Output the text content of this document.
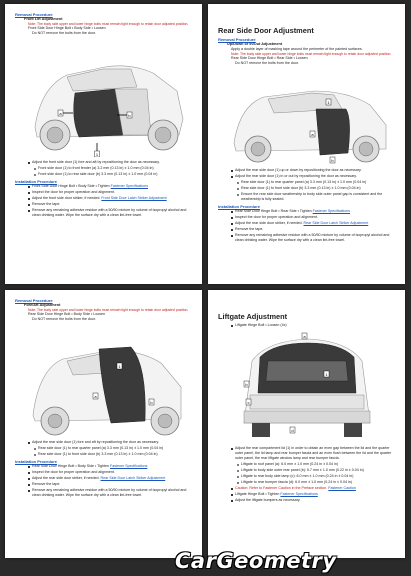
Removal Procedure
Front Lift Adjustment
Note: The body side upper and lower hinge bolts must remain tight enough to retain door adjusted position.
Front Side Door Hinge Bolt • Body Side • Loosen
Do NOT remove the bolts from the door.
a
1
b
Adjust the front side door (1) fore and aft by repositioning the door as necessary.
Front side door (1) to front fender (a) 3.2 mm (0.13 in) ± 1.0 mm (0.04 in)
Front side door (1) to rear side door (b) 3.3 mm (0.13 in) ± 1.0 mm (0.04 in)
Installation Procedure
Front Side Door Hinge Bolt • Body Side • Tighten Fastener Specifications
Inspect the door for proper operation and alignment.
Adjust the front side door striker, if needed. Front Side Door Latch Striker Adjustment
Remove the tape.
Remove any remaining adhesive residue with a 50/50 mixture by volume of isopropyl alcohol and clean drinking water. Wipe the surface dry with a clean lint-free towel.
Rear Side Door Adjustment
Removal Procedure
Up/Down or In/Out Adjustment
Apply a double layer of masking tape around the perimeter of the painted surfaces.
Note: The body side upper and lower hinge bolts must remain tight enough to retain door adjusted position.
Rear Side Door Hinge Bolt • Rear Side • Loosen
Do NOT remove the bolts from the door.
1
a
b
Adjust the rear side door (1) up or down by repositioning the door as necessary.
Adjust the rear side door (1) in or out by repositioning the door as necessary.
Rear side door (1) to rear quarter panel (a) 3.3 mm (0.13 in) ± 1.0 mm (0.04 in)
Rear side door (1) to front side door (b) 3.3 mm (0.13 in) ± 1.0 mm (0.04 in)
Ensure the rear side door weatherstrip to body side outer panel gap is consistent and the weatherstrip is fully seated.
Installation Procedure
Rear Side Door Hinge Bolt • Rear Side • Tighten Fastener Specifications
Inspect the door for proper operation and alignment.
Adjust the rear side door striker, if needed. Rear Side Door Latch Striker Adjustment
Remove the tape.
Remove any remaining adhesive residue with a 50/50 mixture by volume of isopropyl alcohol and clean drinking water. Wipe the surface dry with a clean lint-free towel.
Removal Procedure
Fore/Aft Adjustment
Note: The body side upper and lower hinge bolts must remain tight enough to retain door adjusted position.
Rear Side Door Hinge Bolt • Body Side • Loosen
Do NOT remove the bolts from the door.
1
a
b
Adjust the rear side door (1) fore and aft by repositioning the door as necessary.
Rear side door (1) to rear quarter panel (a) 3.3 mm (0.13 in) ± 1.0 mm (0.04 in)
Rear side door (1) to front side door (b) 3.3 mm (0.13 in) ± 1.0 mm (0.04 in)
Installation Procedure
Rear Side Door Hinge Bolt • Body Side • Tighten Fastener Specifications
Inspect the door for proper operation and alignment.
Adjust the rear side door striker, if needed. Rear Side Door Latch Striker Adjustment
Remove the tape.
Remove any remaining adhesive residue with a 50/50 mixture by volume of isopropyl alcohol and clean drinking water. Wipe the surface dry with a clean lint-free towel.
Liftgate Adjustment
Liftgate Hinge Bolt • Loosen (4x)
a
1
b
c
d
Adjust the rear compartment lid (1) in order to obtain an even gap between the lid and the quarter outer panel, the lid lamp and rear bumper fascia and an even flush between the lid and the quarter outer panel, the rear liftgate window lamp and rear bumper fascia.
Liftgate to roof panel (a): 6.0 mm ± 1.0 mm (0.24 in ± 0.04 in)
Liftgate to body side outer rear panel (b): 5.7 mm ± 1.0 mm (0.22 in ± 0.04 in)
Liftgate to rear body side lamp (c): 6.0 mm ± 1.0 mm (0.24 in ± 0.04 in)
Liftgate to rear bumper fascia (d): 6.0 mm ± 1.0 mm (0.24 in ± 0.04 in)
Caution: Refer to Fastener Caution in the Preface section. Fastener Caution
Liftgate Hinge Bolt • Tighten Fastener Specifications
Adjust the liftgate bumpers as necessary.
CarGeometry
